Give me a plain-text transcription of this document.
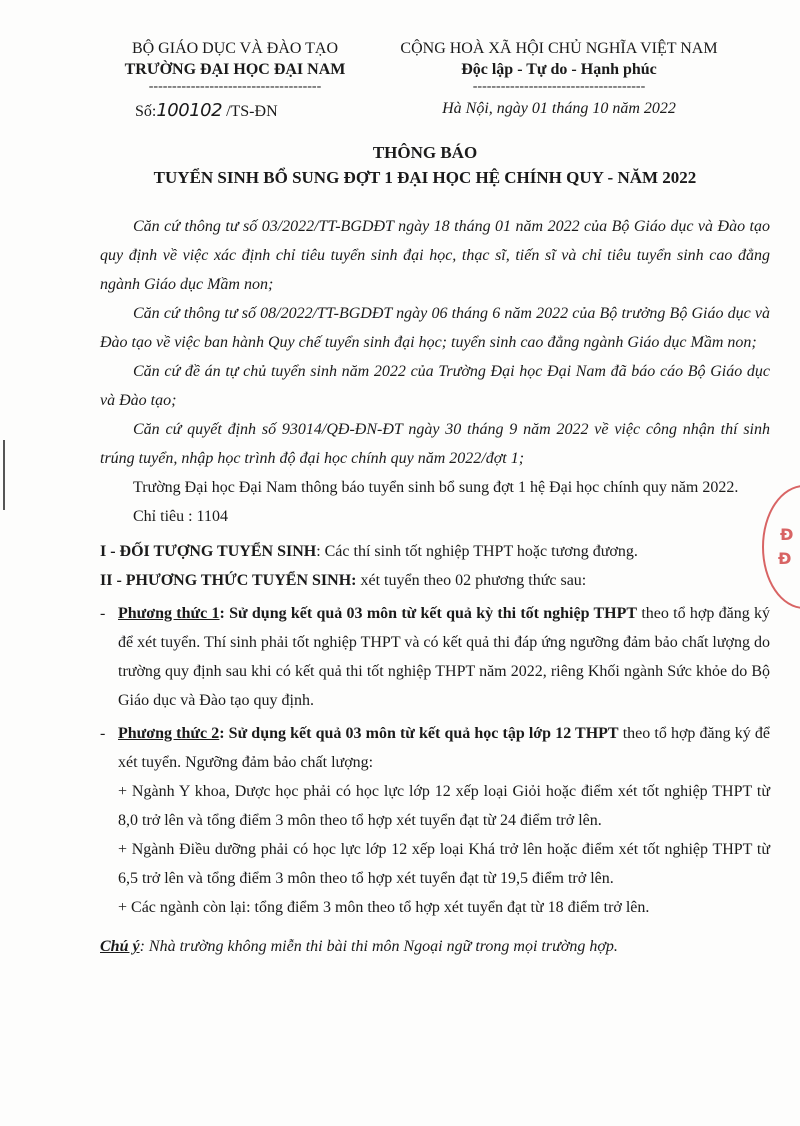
BỘ GIÁO DỤC VÀ ĐÀO TẠO
TRƯỜNG ĐẠI HỌC ĐẠI NAM
-------------------------------------
CỘNG HOÀ XÃ HỘI CHỦ NGHĨA VIỆT NAM
Độc lập - Tự do - Hạnh phúc
-------------------------------------
Số:100102 /TS-ĐN	Hà Nội, ngày 01 tháng 10 năm 2022
THÔNG BÁO
TUYỂN SINH BỔ SUNG ĐỢT 1 ĐẠI HỌC HỆ CHÍNH QUY - NĂM 2022

Căn cứ thông tư số 03/2022/TT-BGDĐT ngày 18 tháng 01 năm 2022 của Bộ Giáo dục và Đào tạo quy định về việc xác định chỉ tiêu tuyển sinh đại học, thạc sĩ, tiến sĩ và chỉ tiêu tuyển sinh cao đẳng ngành Giáo dục Mầm non;

Căn cứ thông tư số 08/2022/TT-BGDĐT ngày 06 tháng 6 năm 2022 của Bộ trưởng Bộ Giáo dục và Đào tạo về việc ban hành Quy chế tuyển sinh đại học; tuyển sinh cao đẳng ngành Giáo dục Mầm non;

Căn cứ đề án tự chủ tuyển sinh năm 2022 của Trường Đại học Đại Nam đã báo cáo Bộ Giáo dục và Đào tạo;

Căn cứ quyết định số 93014/QĐ-ĐN-ĐT ngày 30 tháng 9 năm 2022 về việc công nhận thí sinh trúng tuyển, nhập học trình độ đại học chính quy năm 2022/đợt 1;

Trường Đại học Đại Nam thông báo tuyển sinh bổ sung đợt 1 hệ Đại học chính quy năm 2022.

Chỉ tiêu : 1104

I - ĐỐI TƯỢNG TUYỂN SINH: Các thí sinh tốt nghiệp THPT hoặc tương đương.

II - PHƯƠNG THỨC TUYỂN SINH: xét tuyển theo 02 phương thức sau:

- Phương thức 1: Sử dụng kết quả 03 môn từ kết quả kỳ thi tốt nghiệp THPT theo tổ hợp đăng ký để xét tuyển. Thí sinh phải tốt nghiệp THPT và có kết quả thi đáp ứng ngưỡng đảm bảo chất lượng do trường quy định sau khi có kết quả thi tốt nghiệp THPT năm 2022, riêng Khối ngành Sức khỏe do Bộ Giáo dục và Đào tạo quy định.
- Phương thức 2: Sử dụng kết quả 03 môn từ kết quả học tập lớp 12 THPT theo tổ hợp đăng ký để xét tuyển. Ngưỡng đảm bảo chất lượng:

+ Ngành Y khoa, Dược học phải có học lực lớp 12 xếp loại Giỏi hoặc điểm xét tốt nghiệp THPT từ 8,0 trở lên và tổng điểm 3 môn theo tổ hợp xét tuyển đạt từ 24 điểm trở lên.

+ Ngành Điều dưỡng phải có học lực lớp 12 xếp loại Khá trở lên hoặc điểm xét tốt nghiệp THPT từ 6,5 trở lên và tổng điểm 3 môn theo tổ hợp xét tuyển đạt từ 19,5 điểm trở lên.

+ Các ngành còn lại: tổng điểm 3 môn theo tổ hợp xét tuyển đạt từ 18 điểm trở lên.

Chú ý: Nhà trường không miễn thi bài thi môn Ngoại ngữ trong mọi trường hợp.

Đ
Đ
